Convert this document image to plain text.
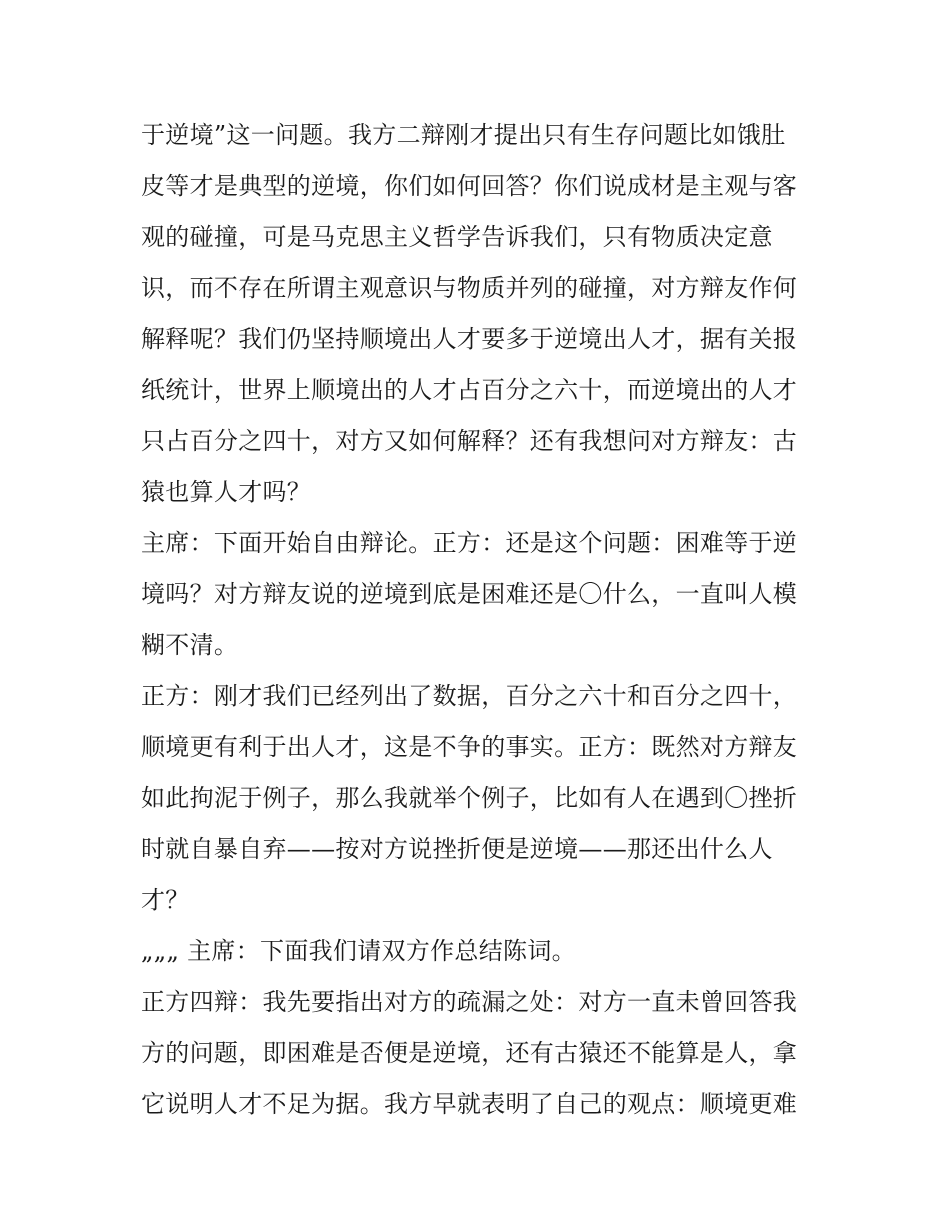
于逆境”这一问题。我方二辩刚才提出只有生存问题比如饿肚
皮等才是典型的逆境，你们如何回答？你们说成材是主观与客
观的碰撞，可是马克思主义哲学告诉我们，只有物质决定意
识，而不存在所谓主观意识与物质并列的碰撞，对方辩友作何
解释呢？我们仍坚持顺境出人才要多于逆境出人才，据有关报
纸统计，世界上顺境出的人才占百分之六十，而逆境出的人才
只占百分之四十，对方又如何解释？还有我想问对方辩友：古
猿也算人才吗？
主席：下面开始自由辩论。正方：还是这个问题：困难等于逆
境吗？对方辩友说的逆境到底是困难还是〇什么，一直叫人模
糊不清。
正方：刚才我们已经列出了数据，百分之六十和百分之四十，
顺境更有利于出人才，这是不争的事实。正方：既然对方辩友
如此拘泥于例子，那么我就举个例子，比如有人在遇到〇挫折
时就自暴自弃——按对方说挫折便是逆境——那还出什么人
才？
„„„ 主席：下面我们请双方作总结陈词。
正方四辩：我先要指出对方的疏漏之处：对方一直未曾回答我
方的问题，即困难是否便是逆境，还有古猿还不能算是人，拿
它说明人才不足为据。我方早就表明了自己的观点：顺境更难
